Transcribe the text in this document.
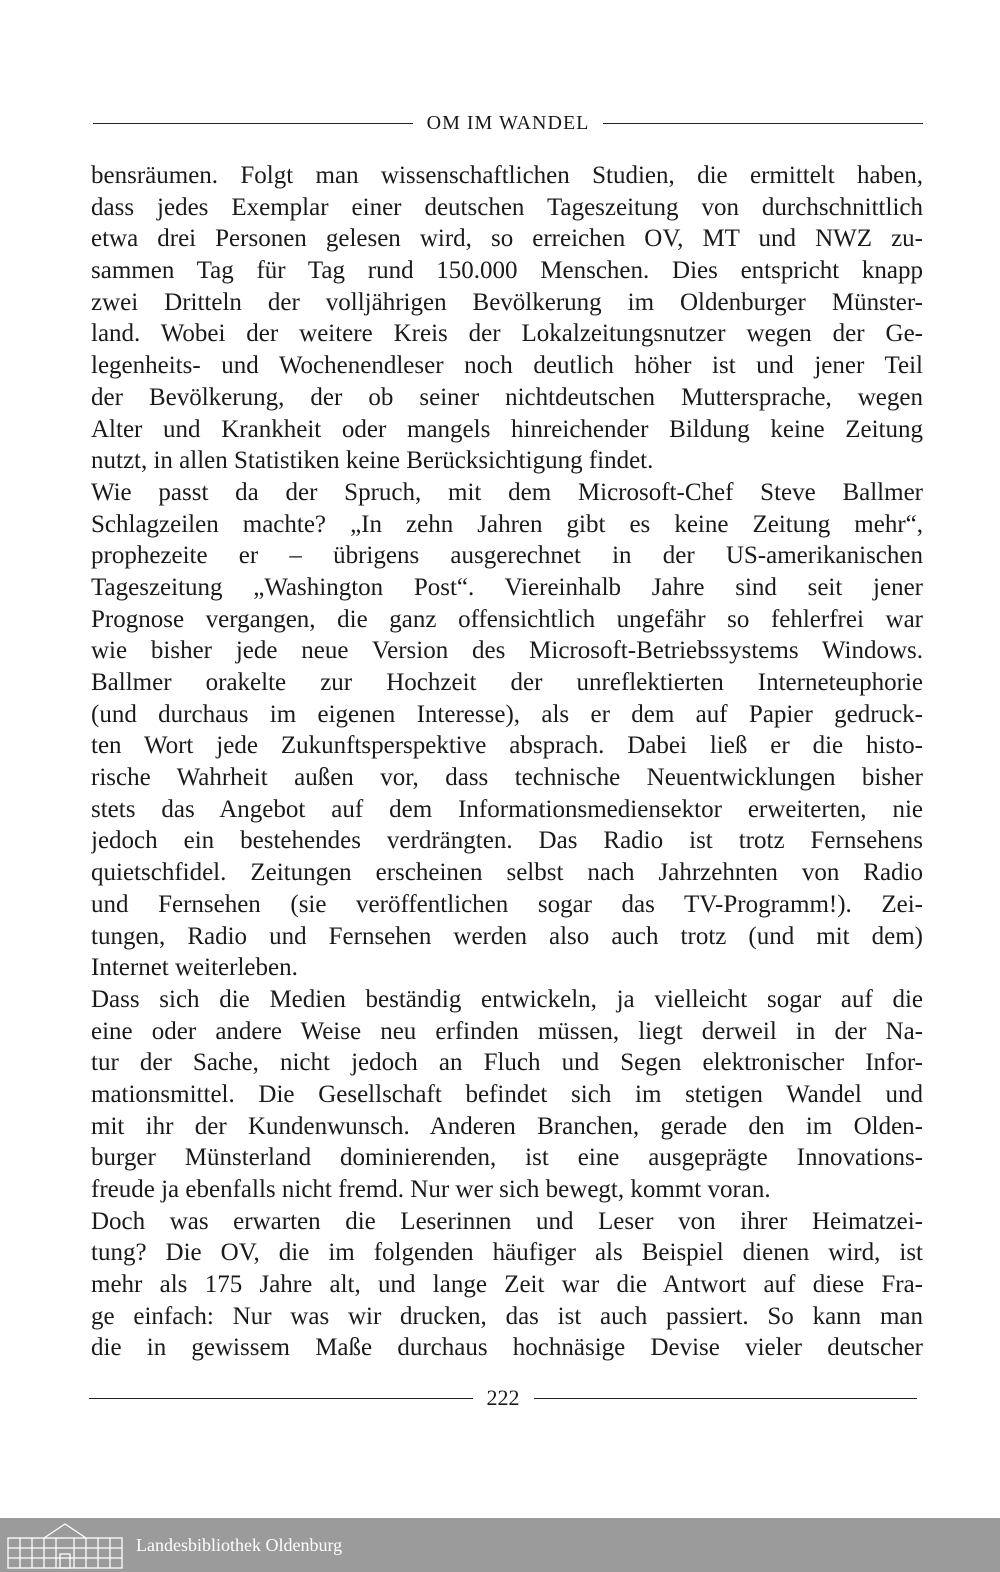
OM IM WANDEL
bensräumen. Folgt man wissenschaftlichen Studien, die ermittelt haben,
dass jedes Exemplar einer deutschen Tageszeitung von durchschnittlich
etwa drei Personen gelesen wird, so erreichen OV, MT und NWZ zu-
sammen Tag für Tag rund 150.000 Menschen. Dies entspricht knapp
zwei Dritteln der volljährigen Bevölkerung im Oldenburger Münster-
land. Wobei der weitere Kreis der Lokalzeitungsnutzer wegen der Ge-
legenheits- und Wochenendleser noch deutlich höher ist und jener Teil
der Bevölkerung, der ob seiner nichtdeutschen Muttersprache, wegen
Alter und Krankheit oder mangels hinreichender Bildung keine Zeitung
nutzt, in allen Statistiken keine Berücksichtigung findet.
Wie passt da der Spruch, mit dem Microsoft-Chef Steve Ballmer
Schlagzeilen machte? „In zehn Jahren gibt es keine Zeitung mehr“,
prophezeite er – übrigens ausgerechnet in der US-amerikanischen
Tageszeitung „Washington Post“. Viereinhalb Jahre sind seit jener
Prognose vergangen, die ganz offensichtlich ungefähr so fehlerfrei war
wie bisher jede neue Version des Microsoft-Betriebssystems Windows.
Ballmer orakelte zur Hochzeit der unreflektierten Interneteuphorie
(und durchaus im eigenen Interesse), als er dem auf Papier gedruck-
ten Wort jede Zukunftsperspektive absprach. Dabei ließ er die histo-
rische Wahrheit außen vor, dass technische Neuentwicklungen bisher
stets das Angebot auf dem Informationsmediensektor erweiterten, nie
jedoch ein bestehendes verdrängten. Das Radio ist trotz Fernsehens
quietschfidel. Zeitungen erscheinen selbst nach Jahrzehnten von Radio
und Fernsehen (sie veröffentlichen sogar das TV-Programm!). Zei-
tungen, Radio und Fernsehen werden also auch trotz (und mit dem)
Internet weiterleben.
Dass sich die Medien beständig entwickeln, ja vielleicht sogar auf die
eine oder andere Weise neu erfinden müssen, liegt derweil in der Na-
tur der Sache, nicht jedoch an Fluch und Segen elektronischer Infor-
mationsmittel. Die Gesellschaft befindet sich im stetigen Wandel und
mit ihr der Kundenwunsch. Anderen Branchen, gerade den im Olden-
burger Münsterland dominierenden, ist eine ausgeprägte Innovations-
freude ja ebenfalls nicht fremd. Nur wer sich bewegt, kommt voran.
Doch was erwarten die Leserinnen und Leser von ihrer Heimatzei-
tung? Die OV, die im folgenden häufiger als Beispiel dienen wird, ist
mehr als 175 Jahre alt, und lange Zeit war die Antwort auf diese Fra-
ge einfach: Nur was wir drucken, das ist auch passiert. So kann man
die in gewissem Maße durchaus hochnäsige Devise vieler deutscher
222
Landesbibliothek Oldenburg
